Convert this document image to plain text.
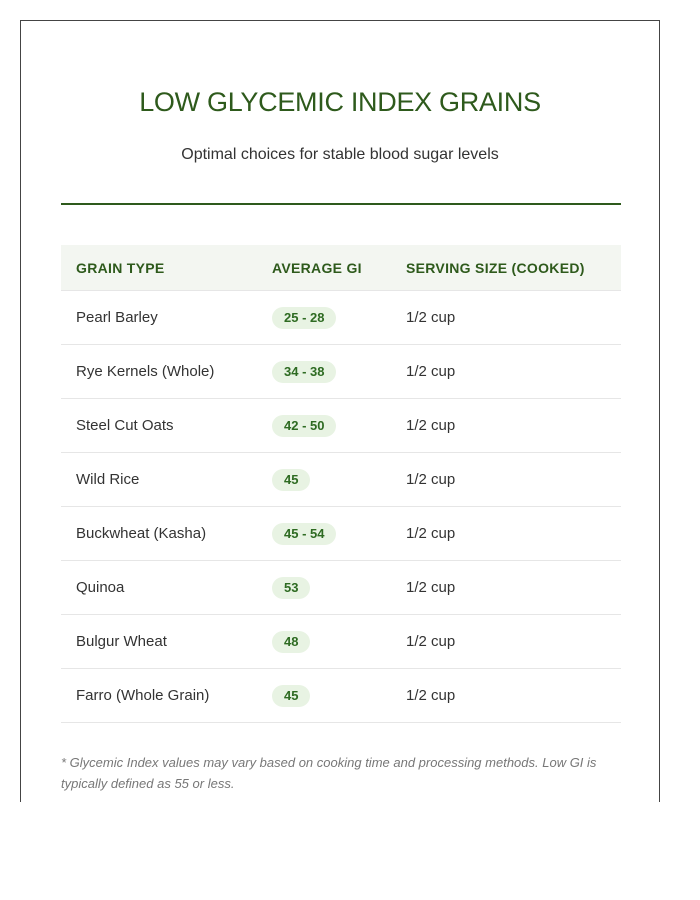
LOW GLYCEMIC INDEX GRAINS

Optimal choices for stable blood sugar levels

GRAIN TYPE	AVERAGE GI	SERVING SIZE (COOKED)
Pearl Barley	25 - 28	1/2 cup
Rye Kernels (Whole)	34 - 38	1/2 cup
Steel Cut Oats	42 - 50	1/2 cup
Wild Rice	45	1/2 cup
Buckwheat (Kasha)	45 - 54	1/2 cup
Quinoa	53	1/2 cup
Bulgur Wheat	48	1/2 cup
Farro (Whole Grain)	45	1/2 cup

* Glycemic Index values may vary based on cooking time and processing methods. Low GI is typically defined as 55 or less.
